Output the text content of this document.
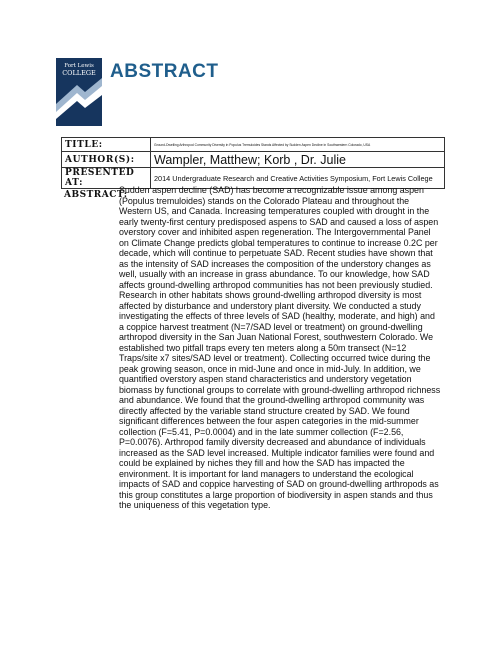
Fort Lewis
COLLEGE ABSTRACT
TITLE:	Ground-Dwelling Arthropod Community Diversity in Populus Tremuloides Stands Affected by Sudden Aspen Decline in Southwestern Colorado, USA
AUTHOR(S):	Wampler, Matthew; Korb , Dr. Julie
PRESENTED AT:	2014 Undergraduate Research and Creative Activities Symposium, Fort Lewis College
ABSTRACT:
Sudden aspen decline (SAD) has become a recognizable issue among aspen (Populus tremuloides) stands on the Colorado Plateau and throughout the Western US, and Canada. Increasing temperatures coupled with drought in the early twenty-first century predisposed aspens to SAD and caused a loss of aspen overstory cover and inhibited aspen regeneration. The Intergovernmental Panel on Climate Change predicts global temperatures to continue to increase 0.2C per decade, which will continue to perpetuate SAD. Recent studies have shown that as the intensity of SAD increases the composition of the understory changes as well, usually with an increase in grass abundance. To our knowledge, how SAD affects ground-dwelling arthropod communities has not been previously studied. Research in other habitats shows ground-dwelling arthropod diversity is most affected by disturbance and understory plant diversity. We conducted a study investigating the effects of three levels of SAD (healthy, moderate, and high) and a coppice harvest treatment (N=7/SAD level or treatment) on ground-dwelling arthropod diversity in the San Juan National Forest, southwestern Colorado. We established two pitfall traps every ten meters along a 50m transect (N=12 Traps/site x7 sites/SAD level or treatment). Collecting occurred twice during the peak growing season, once in mid-June and once in mid-July. In addition, we quantified overstory aspen stand characteristics and understory vegetation biomass by functional groups to correlate with ground-dwelling arthropod richness and abundance. We found that the ground-dwelling arthropod community was directly affected by the variable stand structure created by SAD. We found significant differences between the four aspen categories in the mid-summer collection (F=5.41, P=0.0004) and in the late summer collection (F=2.56, P=0.0076). Arthropod family diversity decreased and abundance of individuals increased as the SAD level increased. Multiple indicator families were found and could be explained by niches they fill and how the SAD has impacted the environment. It is important for land managers to understand the ecological impacts of SAD and coppice harvesting of SAD on ground-dwelling arthropods as this group constitutes a large proportion of biodiversity in aspen stands and thus the uniqueness of this vegetation type.
